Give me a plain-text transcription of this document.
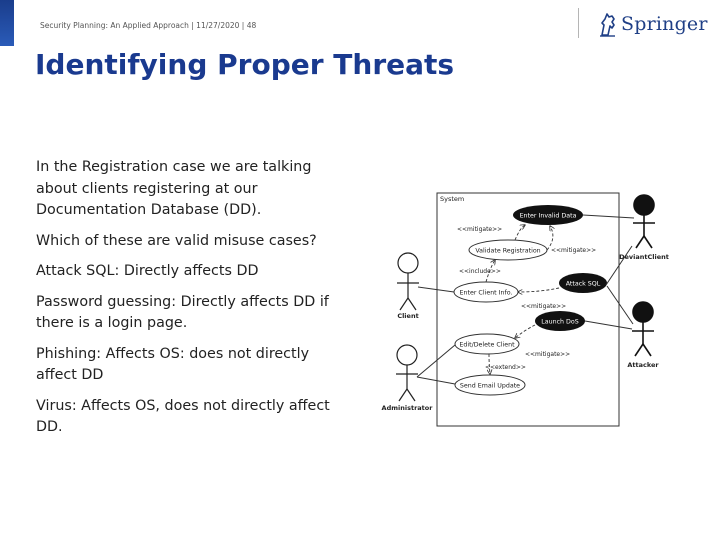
Security Planning: An Applied Approach | 11/27/2020 | 48	Springer
Identifying Proper Threats

In the Registration case we are talking about clients registering at our Documentation Database (DD).

Which of these are valid misuse cases?

Attack SQL: Directly affects DD

Password guessing: Directly affects DD if there is a login page.

Phishing: Affects OS: does not directly affect DD

Virus: Affects OS, does not directly affect DD.

System
Client
Administrator
DeviantClient
Attacker
Validate Registration
Enter Client Info.
Edit/Delete Client
Send Email Update
Enter Invalid Data
Attack SQL
Launch DoS
<<mitigate>>
<<mitigate>>
<<include>>
<<mitigate>>
<<mitigate>>
<<extend>>
